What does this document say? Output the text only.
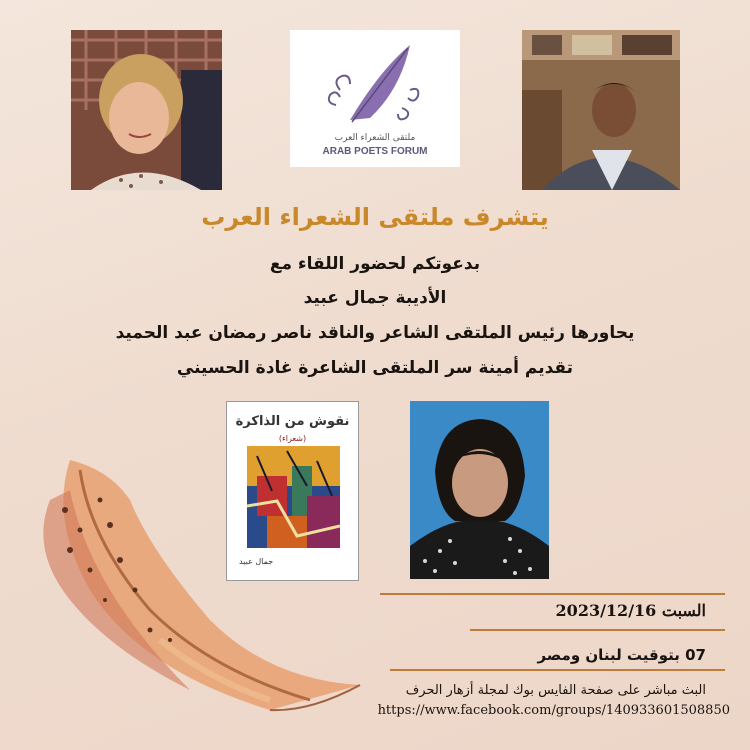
ملتقى الشعراء العرب
ARAB POETS FORUM
يتشرف ملتقى الشعراء العرب
بدعوتكم لحضور اللقاء مع
الأديبة جمال عبيد
يحاورها رئيس الملتقى الشاعر والناقد ناصر رمضان عبد الحميد
تقديم أمينة سر الملتقى الشاعرة غادة الحسيني
نقوش من الذاكرة
(شعراء)
جمال عبيد
السبت 2023/12/16
07 بتوقيت لبنان ومصر
البث مباشر على صفحة الفايس بوك لمجلة أزهار الحرف
https://www.facebook.com/groups/140933601508850
